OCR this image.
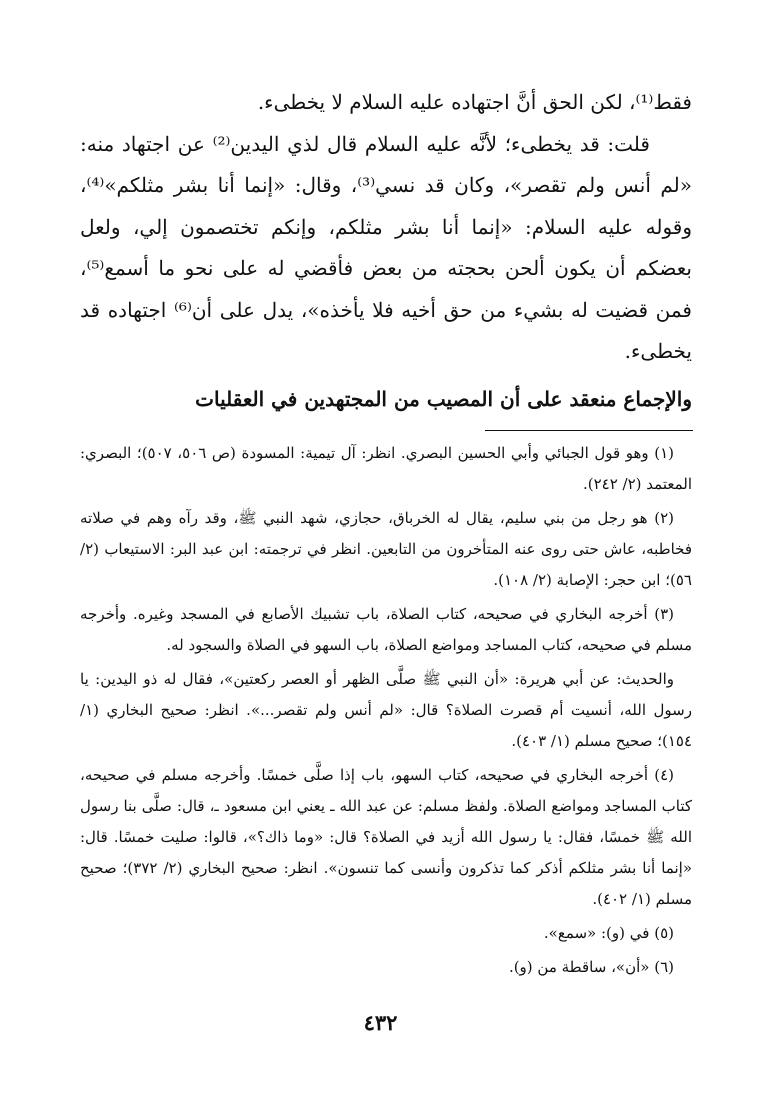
فقط⁽¹⁾، لكن الحق أنَّ اجتهاده عليه السلام لا يخطىء.

قلت: قد يخطىء؛ لأنَّه عليه السلام قال لذي اليدين⁽²⁾ عن اجتهاد منه: «لم أنس ولم تقصر»، وكان قد نسي⁽³⁾، وقال: «إنما أنا بشر مثلكم»⁽⁴⁾، وقوله عليه السلام: «إنما أنا بشر مثلكم، وإنكم تختصمون إلي، ولعل بعضكم أن يكون ألحن بحجته من بعض فأقضي له على نحو ما أسمع⁽⁵⁾، فمن قضيت له بشيء من حق أخيه فلا يأخذه»، يدل على أن⁽⁶⁾ اجتهاده قد يخطىء.

والإجماع منعقد على أن المصيب من المجتهدين في العقليات

(١) وهو قول الجبائي وأبي الحسين البصري. انظر: آل تيمية: المسودة (ص ٥٠٦، ٥٠٧)؛ البصري: المعتمد (٢/ ٢٤٢).

(٢) هو رجل من بني سليم، يقال له الخرباق، حجازي، شهد النبي ﷺ، وقد رآه وهم في صلاته فخاطبه، عاش حتى روى عنه المتأخرون من التابعين. انظر في ترجمته: ابن عبد البر: الاستيعاب (٢/ ٥٦)؛ ابن حجر: الإصابة (٢/ ١٠٨).

(٣) أخرجه البخاري في صحيحه، كتاب الصلاة، باب تشبيك الأصابع في المسجد وغيره. وأخرجه مسلم في صحيحه، كتاب المساجد ومواضع الصلاة، باب السهو في الصلاة والسجود له.

والحديث: عن أبي هريرة: «أن النبي ﷺ صلَّى الظهر أو العصر ركعتين»، فقال له ذو اليدين: يا رسول الله، أنسيت أم قصرت الصلاة؟ قال: «لم أنس ولم تقصر...». انظر: صحيح البخاري (١/ ١٥٤)؛ صحيح مسلم (١/ ٤٠٣).

(٤) أخرجه البخاري في صحيحه، كتاب السهو، باب إذا صلَّى خمسًا. وأخرجه مسلم في صحيحه، كتاب المساجد ومواضع الصلاة. ولفظ مسلم: عن عبد الله ـ يعني ابن مسعود ـ، قال: صلَّى بنا رسول الله ﷺ خمسًا، فقال: يا رسول الله أزيد في الصلاة؟ قال: «وما ذاك؟»، قالوا: صليت خمسًا. قال: «إنما أنا بشر مثلكم أذكر كما تذكرون وأنسى كما تنسون». انظر: صحيح البخاري (٢/ ٣٧٢)؛ صحيح مسلم (١/ ٤٠٢).

(٥) في (و): «سمع».

(٦) «أن»، ساقطة من (و).

٤٣٢
